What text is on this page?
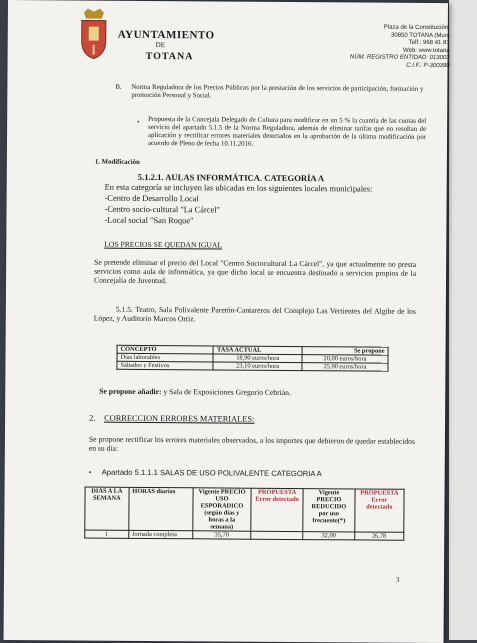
AYUNTAMIENTO
DE
TOTANA
Plaza de la Constitución,
30850 TOTANA (Murc
Telf.: 968 41 81
Web: www.totana
NÚM. REGISTRO ENTIDAD: 013003
C.I.F.: P-300390
B. Norma Reguladora de los Precios Públicos por la prestación de los servicios de participación, formación y promoción Personal y Social.
• Propuesta de la Concejala Delegado de Cultura para modificar en un 5 % la cuantía de las cuotas del servicio del apartado 5.1.5 de la Norma Reguladora, además de eliminar tarifas que no resultan de aplicación y rectificar errores materiales detectados en la aprobación de la última modificación por acuerdo de Pleno de fecha 10.11.2016.
1. Modificación
5.1.2.1. AULAS INFORMÁTICA. CATEGORÍA A
En esta categoría se incluyen las ubicadas en los siguientes locales municipales:
-Centro de Desarrollo Local
-Centro socio-cultural "La Cárcel"
-Local social "San Roque"
LOS PRECIOS SE QUEDAN IGUAL
Se pretende eliminar el precio del Local "Centro Sociocultural La Cárcel", ya que actualmente no presta servicios como aula de informática, ya que dicho local se encuentra destinado a servicios propios de la Concejalía de Juventud.
5.1.5. Teatro, Sala Polivalente Paretón-Cantareros del Complejo Las Vertientes del Algibe de los López, y Auditorio Marcos Ortiz.
CONCEPTO	TASA ACTUAL	Se propone
Días laborables	18,90 euros/hora	20,00 euros/hora
Sábados y Festivos	23,10 euros/hora	25,00 euros/hora
Se propone añadir: y Sala de Exposiciones Gregorio Cebrián.
2. CORRECCION ERRORES MATERIALES:
Se propone rectificar los errores materiales observados, a los importes que debieron de quedar establecidos en su día:
• Apartado 5.1.1.1 SALAS DE USO POLIVALENTE CATEGORIA A
DIAS A LA SEMANA	HORAS diarias	Vigente PRECIO USO ESPORADICO (según días y horas a la semana)	PROPUESTA Error detectado	Vigente PRECIO REDUCIDO por uso frecuente(*)	PROPUESTA Error detectado
1	Jornada completa	35,70		32,00	26,78
3
